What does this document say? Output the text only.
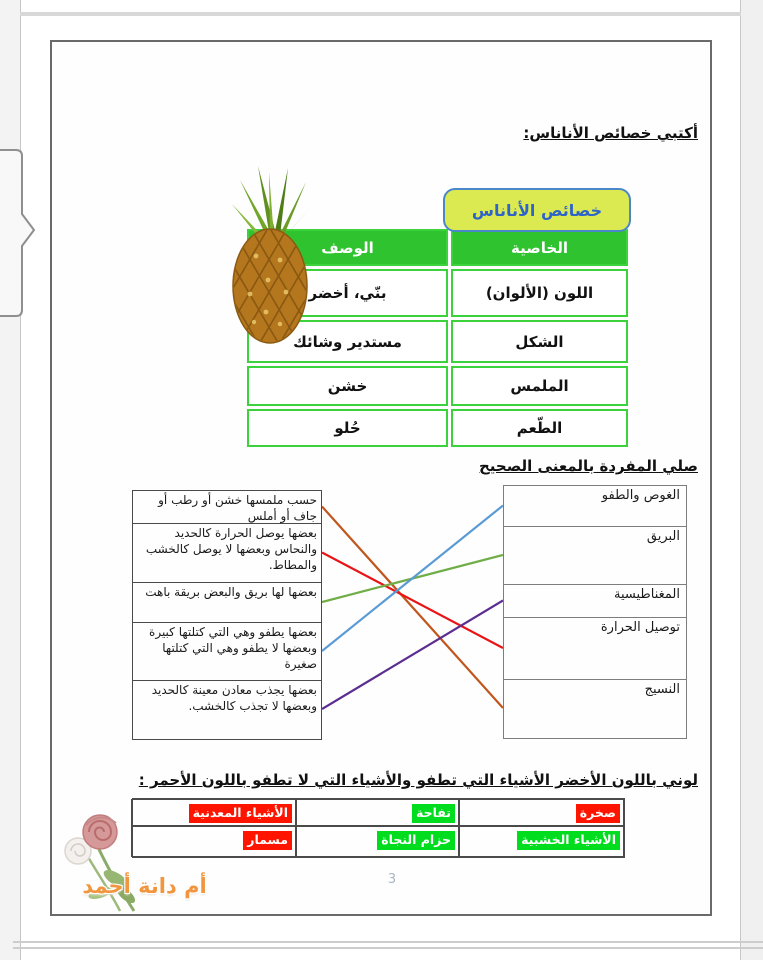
أكتبي خصائص الأناناس:
خصائص الأناناس
الخاصية
الوصف
اللون (الألوان)
بنّي، أخضر
الشكل
مستدير وشائك
الملمس
خشن
الطّعم
حُلو
صلي المفردة بالمعنى الصحيح
حسب ملمسها خشن أو رطب أو جاف أو أملس
بعضها يوصل الحرارة كالحديد والنحاس وبعضها لا يوصل كالخشب والمطاط.
بعضها لها بريق والبعض بريقة باهت
بعضها يطفو وهي التي كتلتها كبيرة وبعضها لا يطفو وهي التي كتلتها صغيرة
بعضها يجذب معادن معينة كالحديد وبعضها لا تجذب كالخشب.
الغوص والطفو
البريق
المغناطيسية
توصيل الحرارة
النسيج
لوني باللون الأخضر الأشياء التي تطفو والأشياء التي لا تطفو باللون الأحمر :
صخرة
تفاحة
الأشياء المعدنية
الأشياء الخشبية
حزام النجاة
مسمار
أم دانة أحمد	3
